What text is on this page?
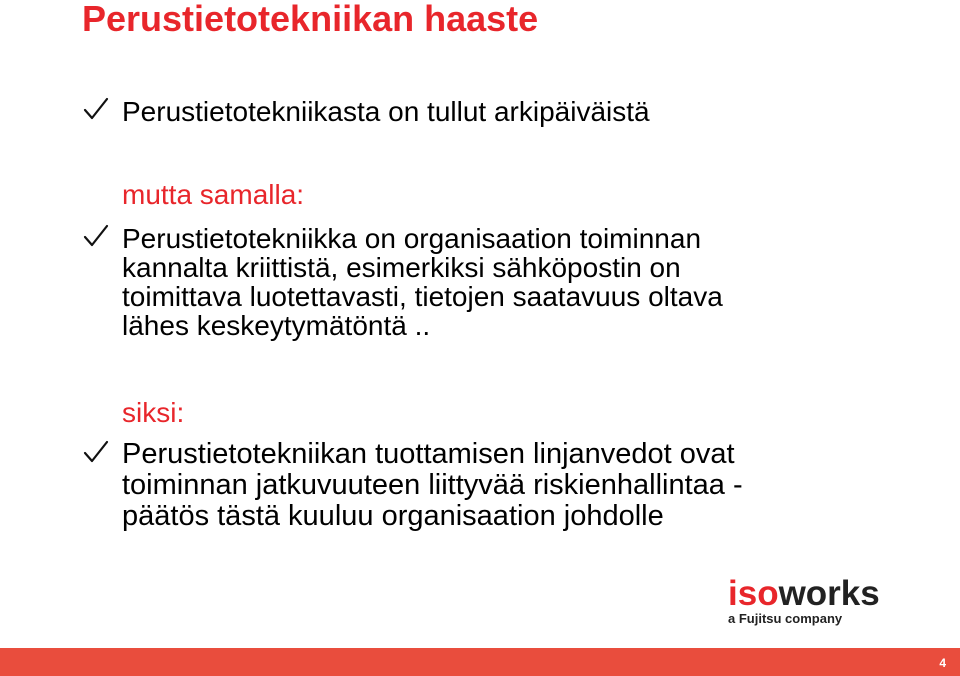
Perustietotekniikan haaste
Perustietotekniikasta on tullut arkipäiväistä
mutta samalla:
Perustietotekniikka on organisaation toiminnan
kannalta kriittistä, esimerkiksi sähköpostin on
toimittava luotettavasti, tietojen saatavuus oltava
lähes keskeytymätöntä ..
siksi:
Perustietotekniikan tuottamisen linjanvedot ovat
toiminnan jatkuvuuteen liittyvää riskienhallintaa -
päätös tästä kuuluu organisaation johdolle
isoworks
a Fujitsu company
4
